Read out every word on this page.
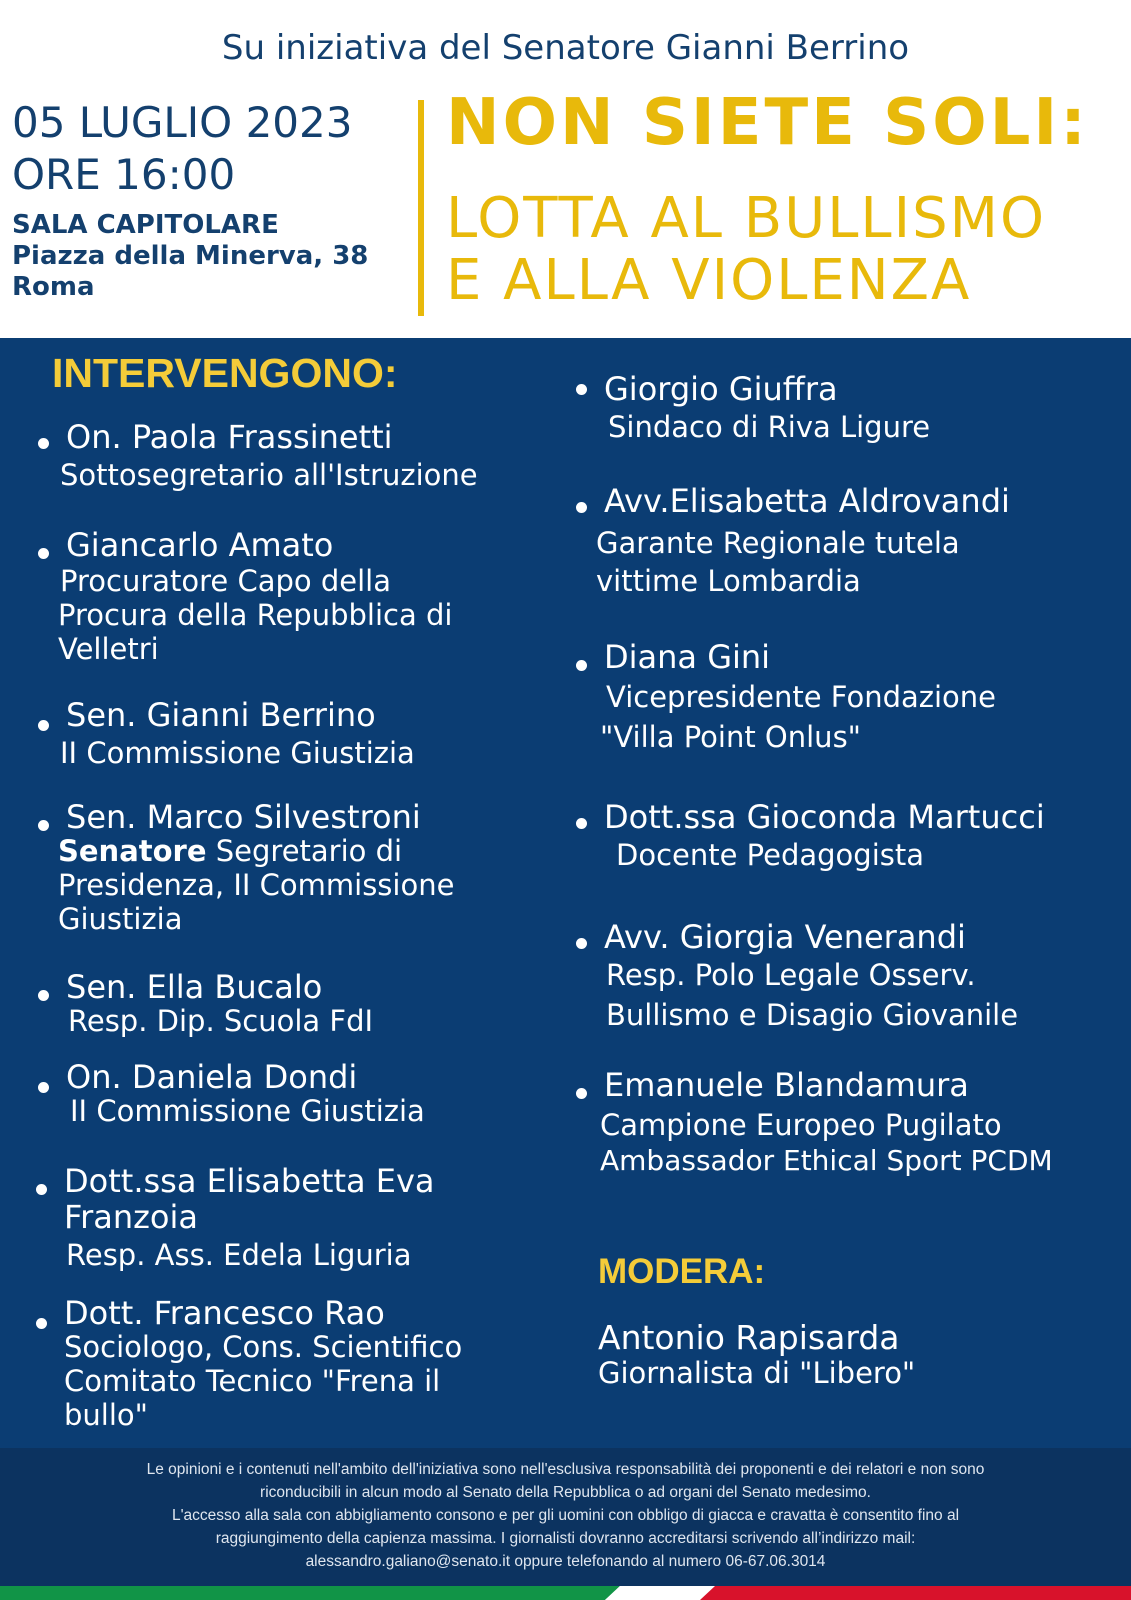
Su iniziativa del Senatore Gianni Berrino
05 LUGLIO 2023
ORE 16:00
SALA CAPITOLARE
Piazza della Minerva, 38
Roma
NON SIETE SOLI:
LOTTA AL BULLISMO
E ALLA VIOLENZA
INTERVENGONO:
On. Paola Frassinetti
Sottosegretario all'Istruzione
Giancarlo Amato
Procuratore Capo della
Procura della Repubblica di
Velletri
Sen. Gianni Berrino
II Commissione Giustizia
Sen. Marco Silvestroni
Senatore Segretario di
Presidenza, II Commissione
Giustizia
Sen. Ella Bucalo
Resp. Dip. Scuola FdI
On. Daniela Dondi
II Commissione Giustizia
Dott.ssa Elisabetta Eva
Franzoia
Resp. Ass. Edela Liguria
Dott. Francesco Rao
Sociologo, Cons. Scientifico
Comitato Tecnico "Frena il
bullo"
Giorgio Giuffra
Sindaco di Riva Ligure
Avv.Elisabetta Aldrovandi
Garante Regionale tutela
vittime Lombardia
Diana Gini
Vicepresidente Fondazione
"Villa Point Onlus"
Dott.ssa Gioconda Martucci
Docente Pedagogista
Avv. Giorgia Venerandi
Resp. Polo Legale Osserv.
Bullismo e Disagio Giovanile
Emanuele Blandamura
Campione Europeo Pugilato
Ambassador Ethical Sport PCDM
MODERA:
Antonio Rapisarda
Giornalista di "Libero"

Le opinioni e i contenuti nell'ambito dell'iniziativa sono nell'esclusiva responsabilità dei proponenti e dei relatori e non sono

riconducibili in alcun modo al Senato della Repubblica o ad organi del Senato medesimo.

L'accesso alla sala con abbigliamento consono e per gli uomini con obbligo di giacca e cravatta è consentito fino al

raggiungimento della capienza massima. I giornalisti dovranno accreditarsi scrivendo all’indirizzo mail:

alessandro.galiano@senato.it oppure telefonando al numero 06-67.06.3014
